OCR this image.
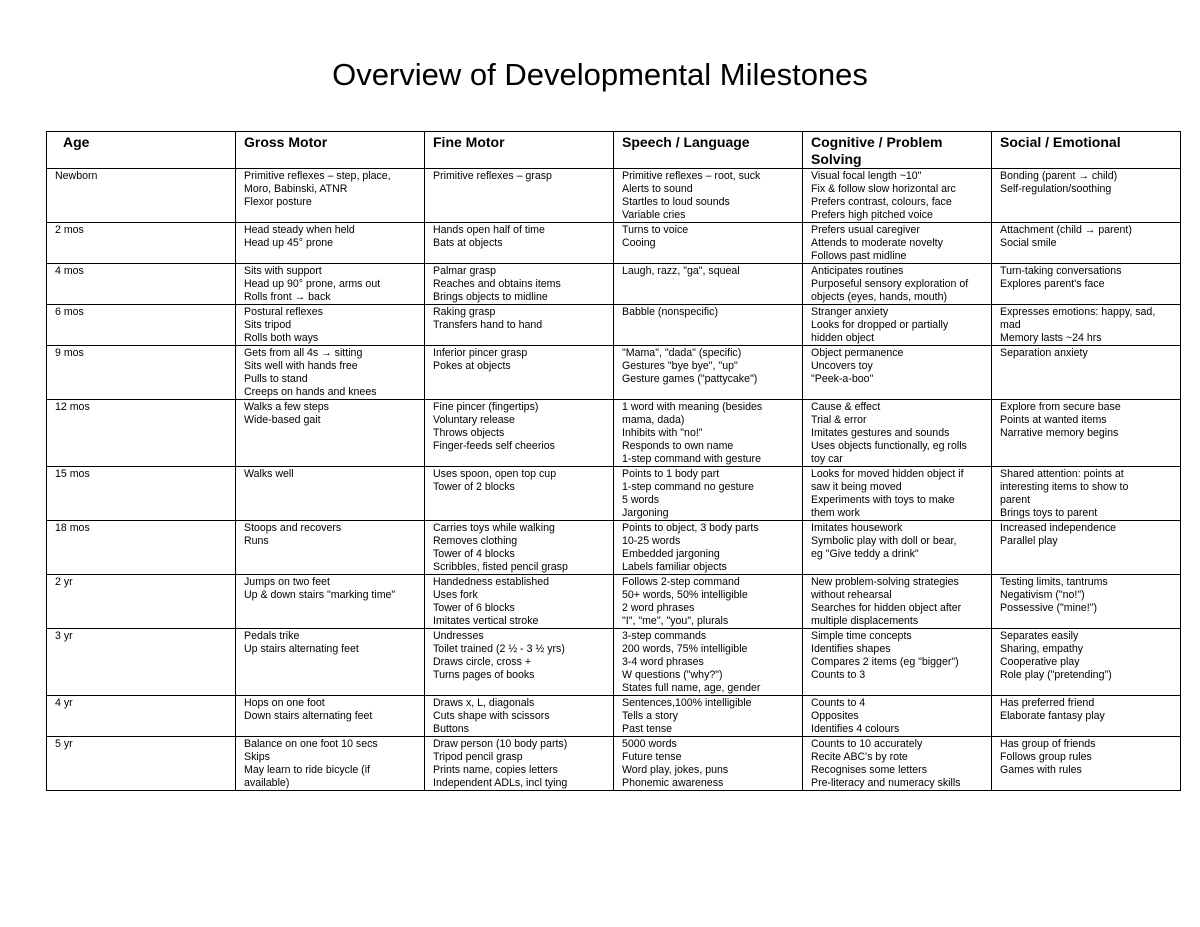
Overview of Developmental Milestones
Age	Gross Motor	Fine Motor	Speech / Language	Cognitive / Problem Solving	Social / Emotional
Newborn	Primitive reflexes – step, place,
Moro, Babinski, ATNR
Flexor posture	Primitive reflexes – grasp	Primitive reflexes – root, suck
Alerts to sound
Startles to loud sounds
Variable cries	Visual focal length ~10"
Fix & follow slow horizontal arc
Prefers contrast, colours, face
Prefers high pitched voice	Bonding (parent → child)
Self-regulation/soothing

2 mos	Head steady when held
Head up 45° prone	Hands open half of time
Bats at objects	Turns to voice
Cooing	Prefers usual caregiver
Attends to moderate novelty
Follows past midline	Attachment (child → parent)
Social smile

4 mos	Sits with support
Head up 90° prone, arms out
Rolls front → back	Palmar grasp
Reaches and obtains items
Brings objects to midline	Laugh, razz, "ga", squeal	Anticipates routines
Purposeful sensory exploration of
objects (eyes, hands, mouth)	Turn-taking conversations
Explores parent's face

6 mos	Postural reflexes
Sits tripod
Rolls both ways	Raking grasp
Transfers hand to hand	Babble (nonspecific)	Stranger anxiety
Looks for dropped or partially
hidden object	Expresses emotions: happy, sad,
mad
Memory lasts ~24 hrs

9 mos	Gets from all 4s → sitting
Sits well with hands free
Pulls to stand
Creeps on hands and knees	Inferior pincer grasp
Pokes at objects	"Mama", "dada" (specific)
Gestures "bye bye", "up"
Gesture games ("pattycake")	Object permanence
Uncovers toy
"Peek-a-boo"	Separation anxiety

12 mos	Walks a few steps
Wide-based gait	Fine pincer (fingertips)
Voluntary release
Throws objects
Finger-feeds self cheerios	1 word with meaning (besides
mama, dada)
Inhibits with "no!"
Responds to own name
1-step command with gesture	Cause & effect
Trial & error
Imitates gestures and sounds
Uses objects functionally, eg rolls
toy car	Explore from secure base
Points at wanted items
Narrative memory begins

15 mos	Walks well	Uses spoon, open top cup
Tower of 2 blocks	Points to 1 body part
1-step command no gesture
5 words
Jargoning	Looks for moved hidden object if
saw it being moved
Experiments with toys to make
them work	Shared attention: points at
interesting items to show to
parent
Brings toys to parent

18 mos	Stoops and recovers
Runs	Carries toys while walking
Removes clothing
Tower of 4 blocks
Scribbles, fisted pencil grasp	Points to object, 3 body parts
10-25 words
Embedded jargoning
Labels familiar objects	Imitates housework
Symbolic play with doll or bear,
eg "Give teddy a drink"	Increased independence
Parallel play

2 yr	Jumps on two feet
Up & down stairs "marking time"	Handedness established
Uses fork
Tower of 6 blocks
Imitates vertical stroke	Follows 2-step command
50+ words, 50% intelligible
2 word phrases
"I", "me", "you", plurals	New problem-solving strategies
without rehearsal
Searches for hidden object after
multiple displacements	Testing limits, tantrums
Negativism ("no!")
Possessive ("mine!")

3 yr	Pedals trike
Up stairs alternating feet	Undresses
Toilet trained (2 ½ - 3 ½ yrs)
Draws circle, cross +
Turns pages of books	3-step commands
200 words, 75% intelligible
3-4 word phrases
W questions ("why?")
States full name, age, gender	Simple time concepts
Identifies shapes
Compares 2 items (eg "bigger")
Counts to 3	Separates easily
Sharing, empathy
Cooperative play
Role play ("pretending")

4 yr	Hops on one foot
Down stairs alternating feet	Draws x, L, diagonals
Cuts shape with scissors
Buttons	Sentences,100% intelligible
Tells a story
Past tense	Counts to 4
Opposites
Identifies 4 colours	Has preferred friend
Elaborate fantasy play

5 yr	Balance on one foot 10 secs
Skips
May learn to ride bicycle (if
available)	Draw person (10 body parts)
Tripod pencil grasp
Prints name, copies letters
Independent ADLs, incl tying	5000 words
Future tense
Word play, jokes, puns
Phonemic awareness	Counts to 10 accurately
Recite ABC's by rote
Recognises some letters
Pre-literacy and numeracy skills	Has group of friends
Follows group rules
Games with rules
